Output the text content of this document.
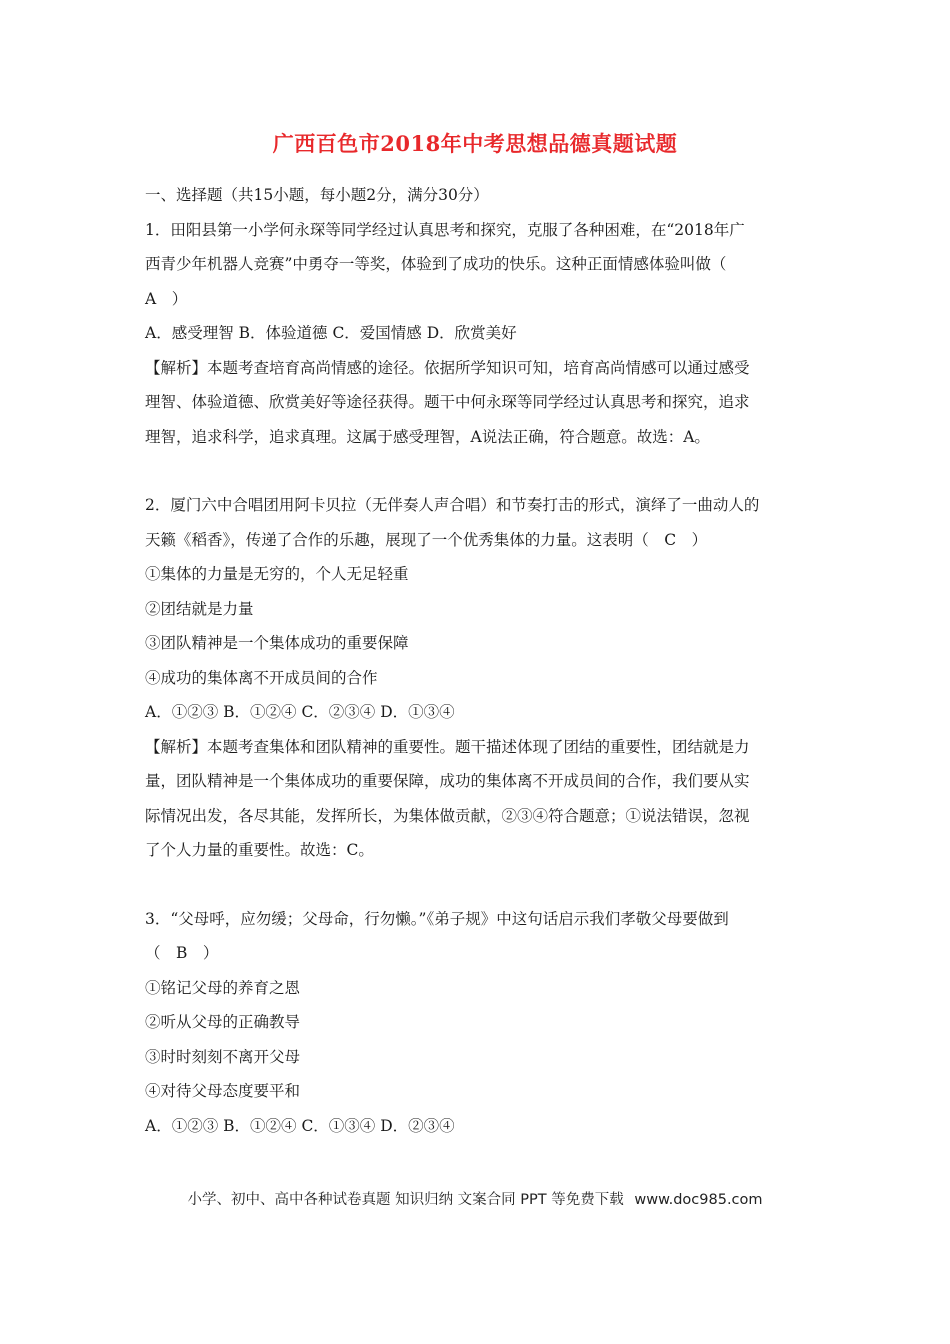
广西百色市2018年中考思想品德真题试题

一、选择题（共15小题，每小题2分，满分30分）

1．田阳县第一小学何永琛等同学经过认真思考和探究，克服了各种困难，在“2018年广

西青少年机器人竞赛”中勇夺一等奖，体验到了成功的快乐。这种正面情感体验叫做（

A　）

A．感受理智 B．体验道德 C．爱国情感 D．欣赏美好

【解析】本题考查培育高尚情感的途径。依据所学知识可知，培育高尚情感可以通过感受

理智、体验道德、欣赏美好等途径获得。题干中何永琛等同学经过认真思考和探究，追求

理智，追求科学，追求真理。这属于感受理智，A说法正确，符合题意。故选：A。

2．厦门六中合唱团用阿卡贝拉（无伴奏人声合唱）和节奏打击的形式，演绎了一曲动人的

天籁《稻香》，传递了合作的乐趣，展现了一个优秀集体的力量。这表明（　C　）

①集体的力量是无穷的，个人无足轻重

②团结就是力量

③团队精神是一个集体成功的重要保障

④成功的集体离不开成员间的合作

A．①②③ B．①②④ C．②③④ D．①③④

【解析】本题考查集体和团队精神的重要性。题干描述体现了团结的重要性，团结就是力

量，团队精神是一个集体成功的重要保障，成功的集体离不开成员间的合作，我们要从实

际情况出发，各尽其能，发挥所长，为集体做贡献，②③④符合题意；①说法错误，忽视

了个人力量的重要性。故选：C。

3．“父母呼，应勿缓；父母命，行勿懒。”《弟子规》中这句话启示我们孝敬父母要做到

（　B　）

①铭记父母的养育之恩

②听从父母的正确教导

③时时刻刻不离开父母

④对待父母态度要平和

A．①②③ B．①②④ C．①③④ D．②③④

小学、初中、高中各种试卷真题 知识归纳 文案合同 PPT 等免费下载 www.doc985.com
